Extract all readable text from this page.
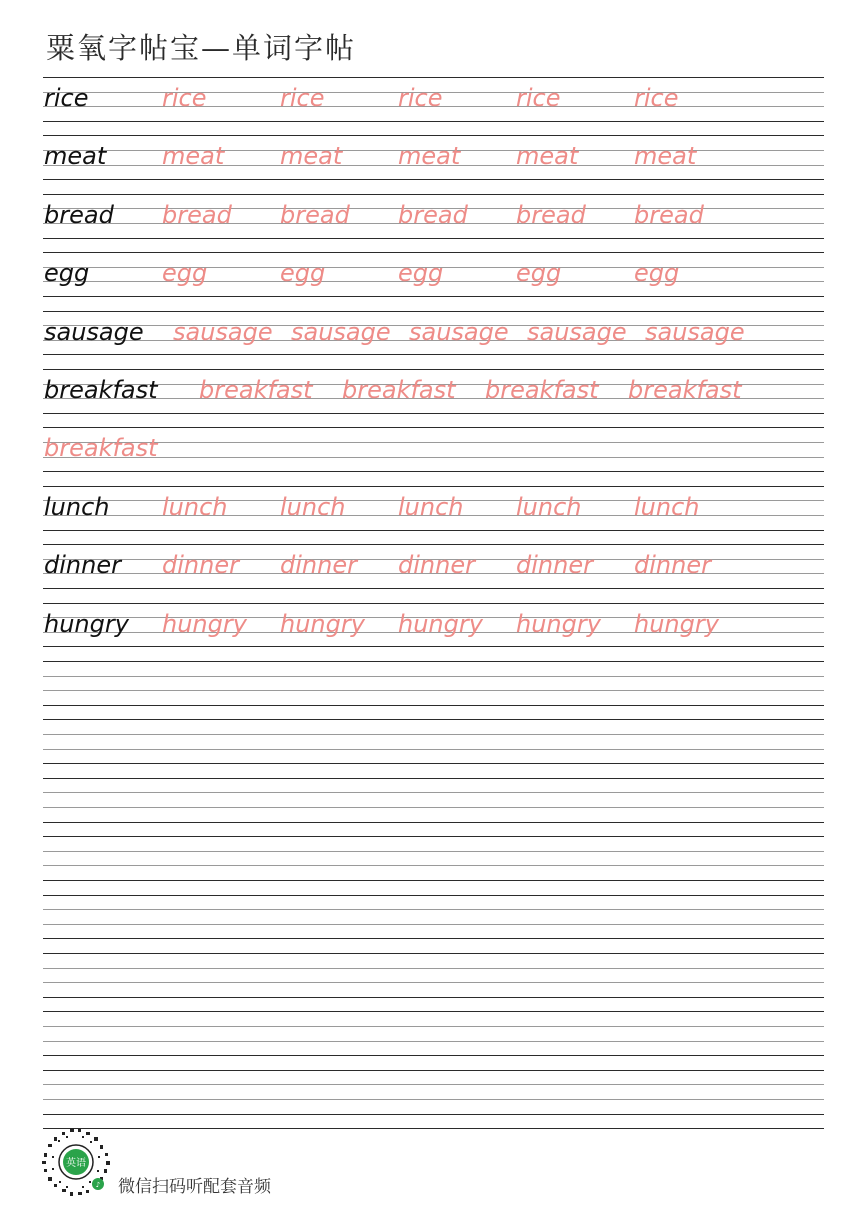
粟氧字帖宝—单词字帖
rice	rice	rice	rice	rice	rice
meat meat meat meat meat meat
bread bread bread bread bread bread
egg	egg	egg	egg	egg	egg
sausage sausage sausage sausage sausage sausage
breakfast breakfast breakfast breakfast breakfast
breakfast
lunch lunch lunch lunch lunch lunch
dinner dinner dinner dinner dinner dinner
hungry hungry hungry hungry hungry hungry
英语
♪ 微信扫码听配套音频
